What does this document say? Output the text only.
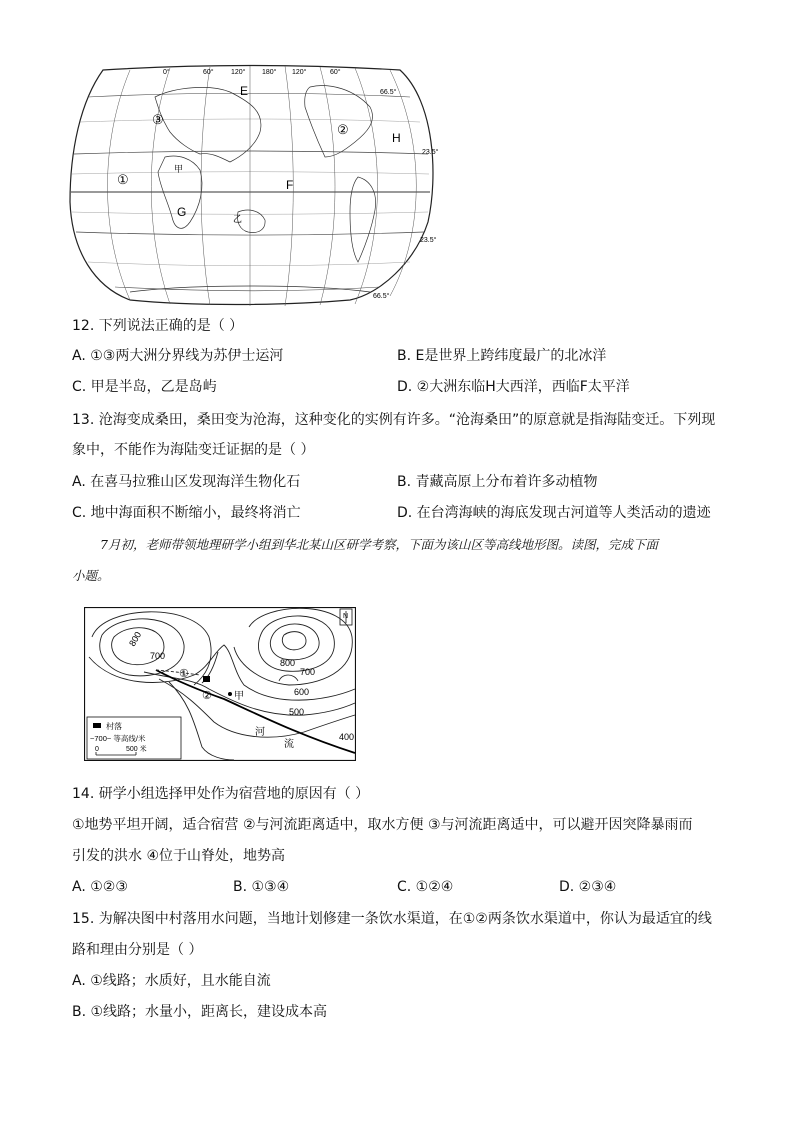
0°	60° 120° 180° 120°	60°
66.5°
23.5°
23.5°
66.5°
E
F
G
H
甲
乙
①
②
③
12. 下列说法正确的是（ ）
A. ①③两大洲分界线为苏伊士运河	B. E是世界上跨纬度最广的北冰洋
C. 甲是半岛，乙是岛屿	D. ②大洲东临H大西洋，西临F太平洋
13. 沧海变成桑田，桑田变为沧海，这种变化的实例有许多。“沧海桑田”的原意就是指海陆变迁。下列现
象中，不能作为海陆变迁证据的是（ ）
A. 在喜马拉雅山区发现海洋生物化石	B. 青藏高原上分布着许多动植物
C. 地中海面积不断缩小，最终将消亡	D. 在台湾海峡的海底发现古河道等人类活动的遗迹
7月初，老师带领地理研学小组到华北某山区研学考察，下面为该山区等高线地形图。读图，完成下面
小题。
N
800
700
800
700
600
500
400
河
流
甲
①
②
村落
~700~ 等高线/米
0	500 米
14. 研学小组选择甲处作为宿营地的原因有（ ）
①地势平坦开阔，适合宿营 ②与河流距离适中，取水方便 ③与河流距离适中，可以避开因突降暴雨而
引发的洪水 ④位于山脊处，地势高
A. ①②③	B. ①③④	C. ①②④	D. ②③④
15. 为解决图中村落用水问题，当地计划修建一条饮水渠道，在①②两条饮水渠道中，你认为最适宜的线
路和理由分别是（ ）
A. ①线路；水质好，且水能自流
B. ①线路；水量小，距离长，建设成本高
